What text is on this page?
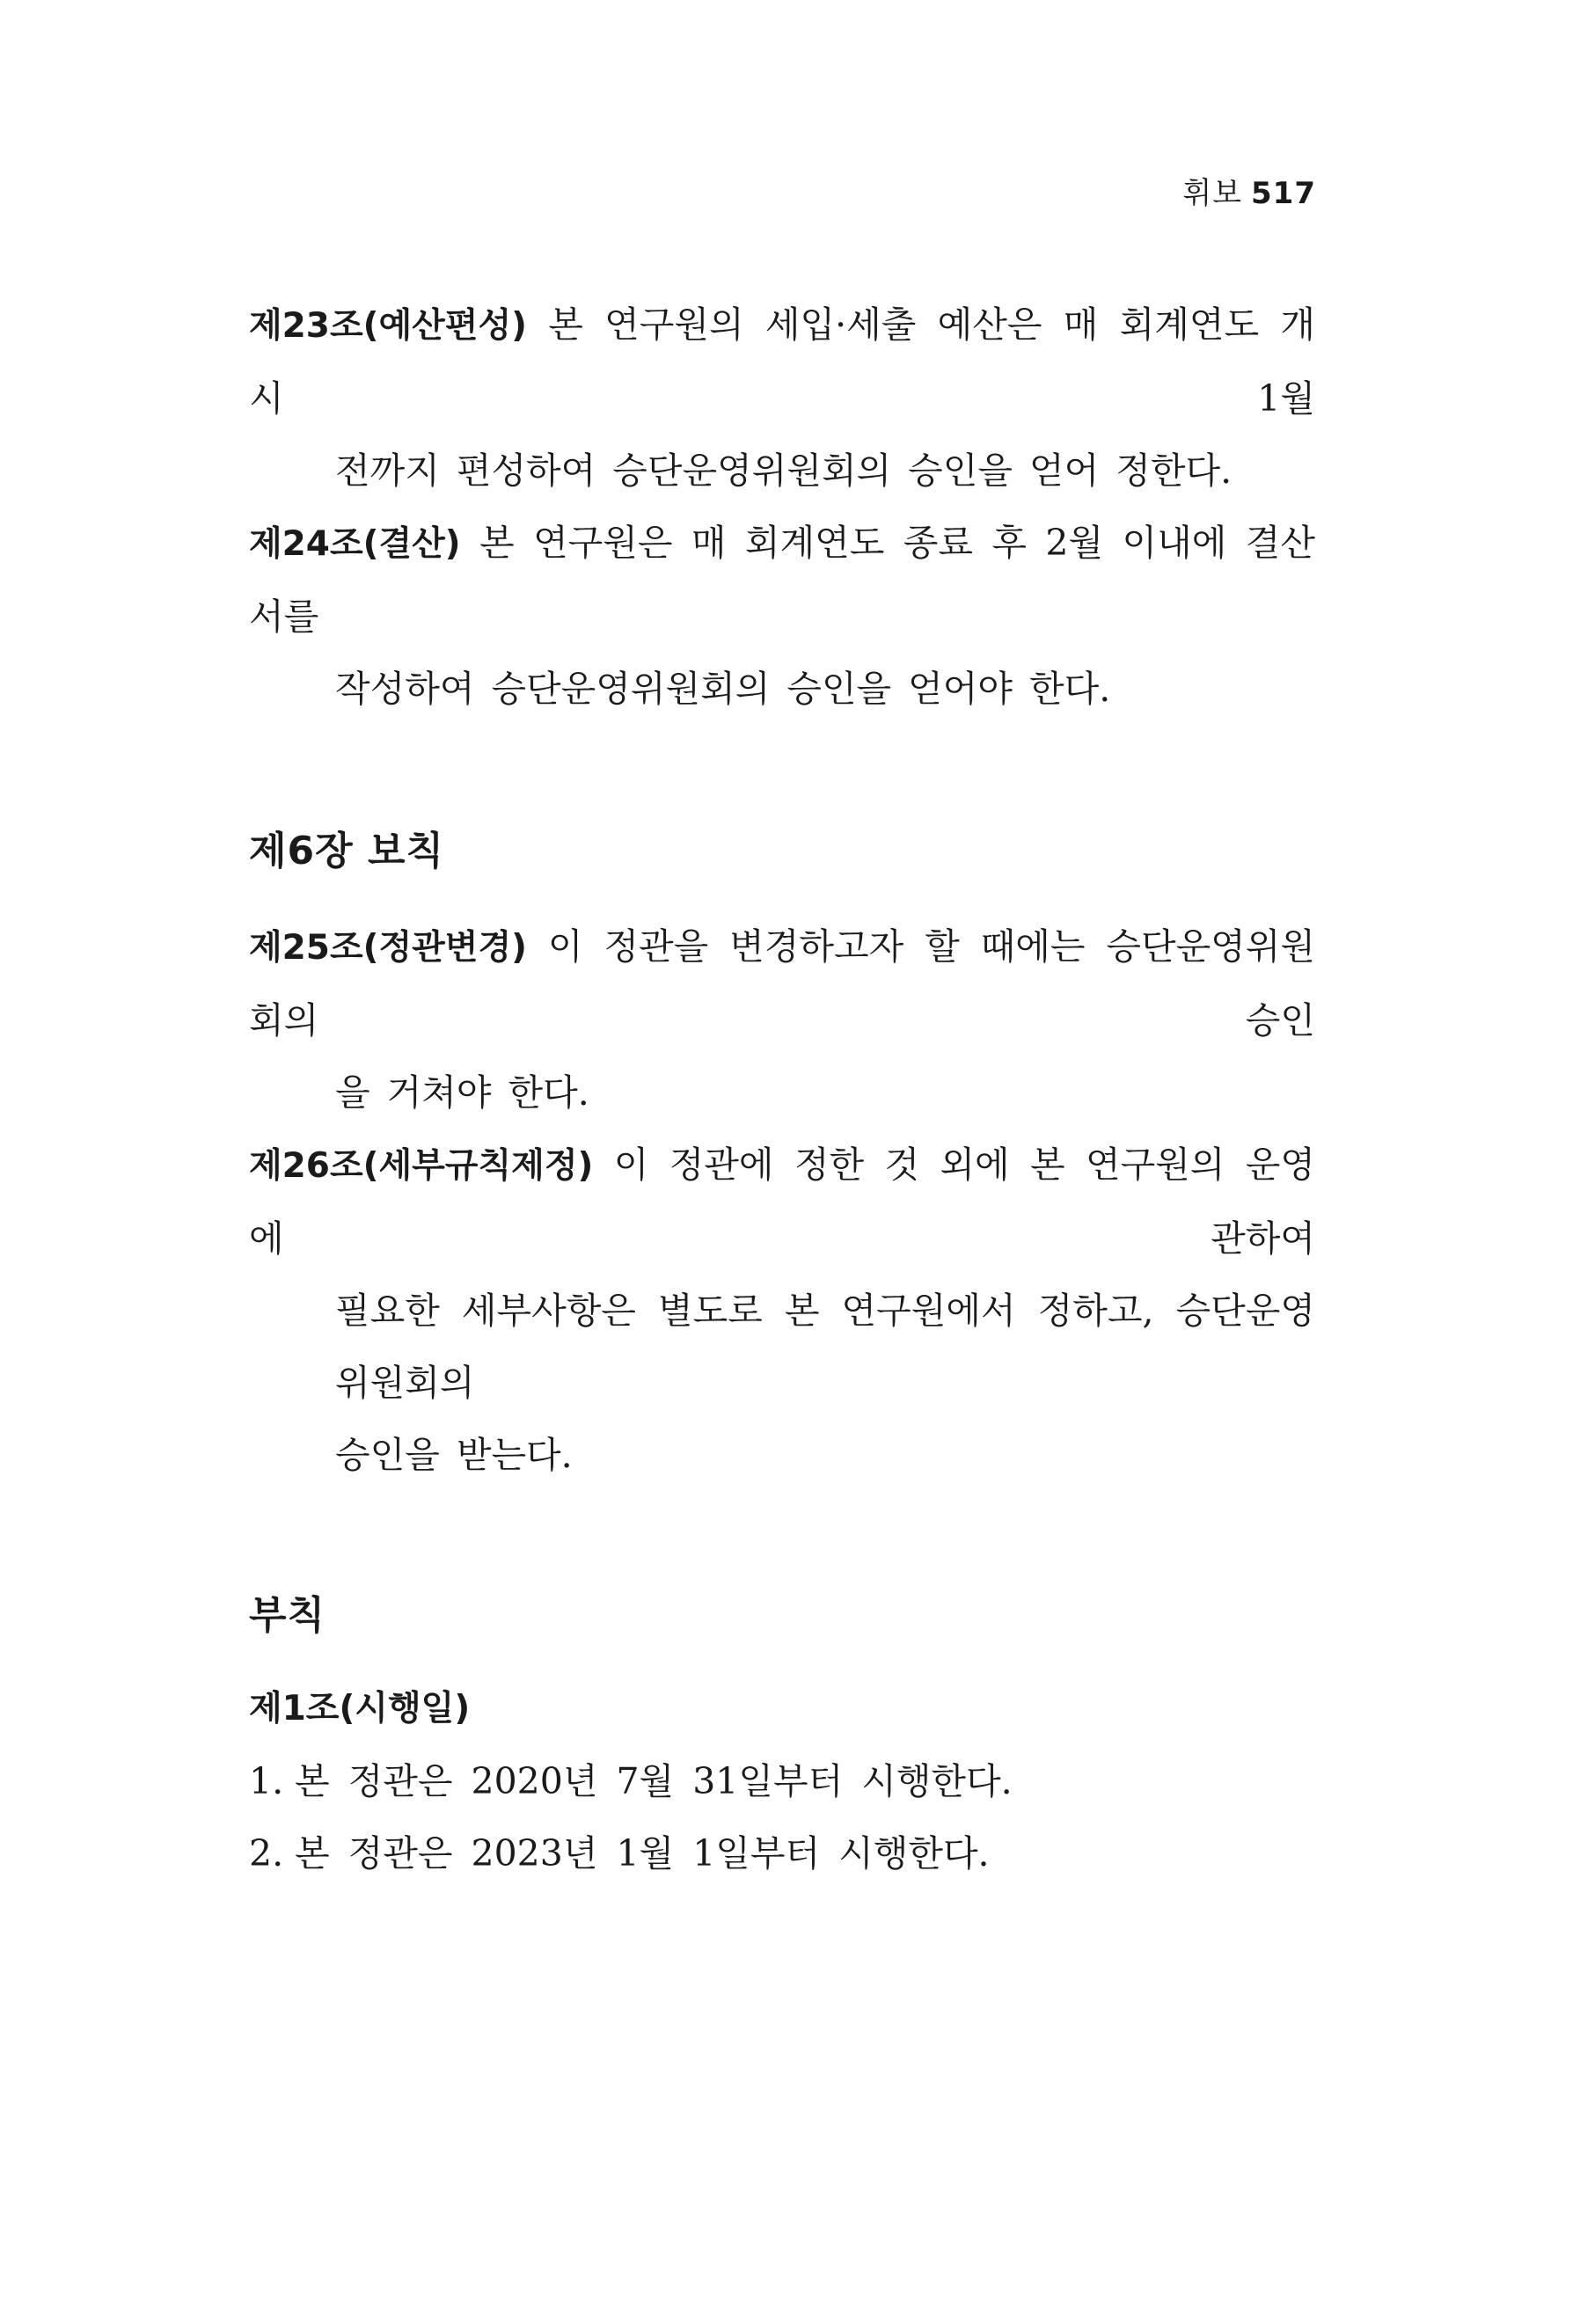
휘보 517
제23조(예산편성) 본 연구원의 세입·세출 예산은 매 회계연도 개시 1월
전까지 편성하여 승단운영위원회의 승인을 얻어 정한다.
제24조(결산) 본 연구원은 매 회계연도 종료 후 2월 이내에 결산서를
작성하여 승단운영위원회의 승인을 얻어야 한다.
제6장 보칙
제25조(정관변경) 이 정관을 변경하고자 할 때에는 승단운영위원회의 승인
을 거쳐야 한다.
제26조(세부규칙제정) 이 정관에 정한 것 외에 본 연구원의 운영에 관하여
필요한 세부사항은 별도로 본 연구원에서 정하고, 승단운영위원회의
승인을 받는다.
부칙

제1조(시행일)

1. 본 정관은 2020년 7월 31일부터 시행한다.

2. 본 정관은 2023년 1월 1일부터 시행한다.
